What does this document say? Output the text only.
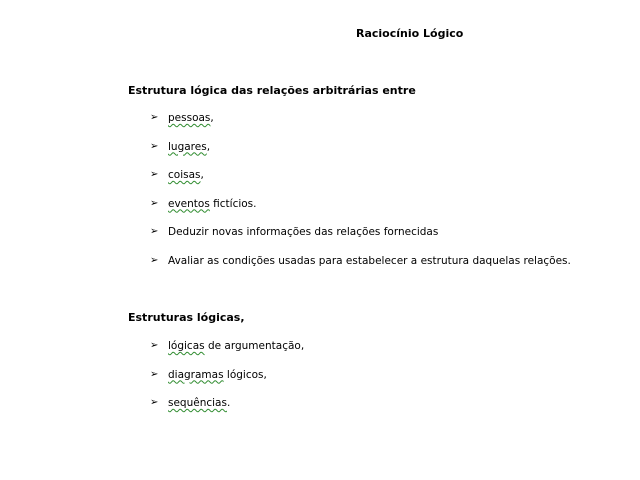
Raciocínio Lógico
Estrutura lógica das relações arbitrárias entre
➢ pessoas,
➢ lugares,
➢ coisas,
➢ eventos fictícios.
➢ Deduzir novas informações das relações fornecidas
➢ Avaliar as condições usadas para estabelecer a estrutura daquelas relações.
Estruturas lógicas,
➢ lógicas de argumentação,
➢ diagramas lógicos,
➢ sequências.
